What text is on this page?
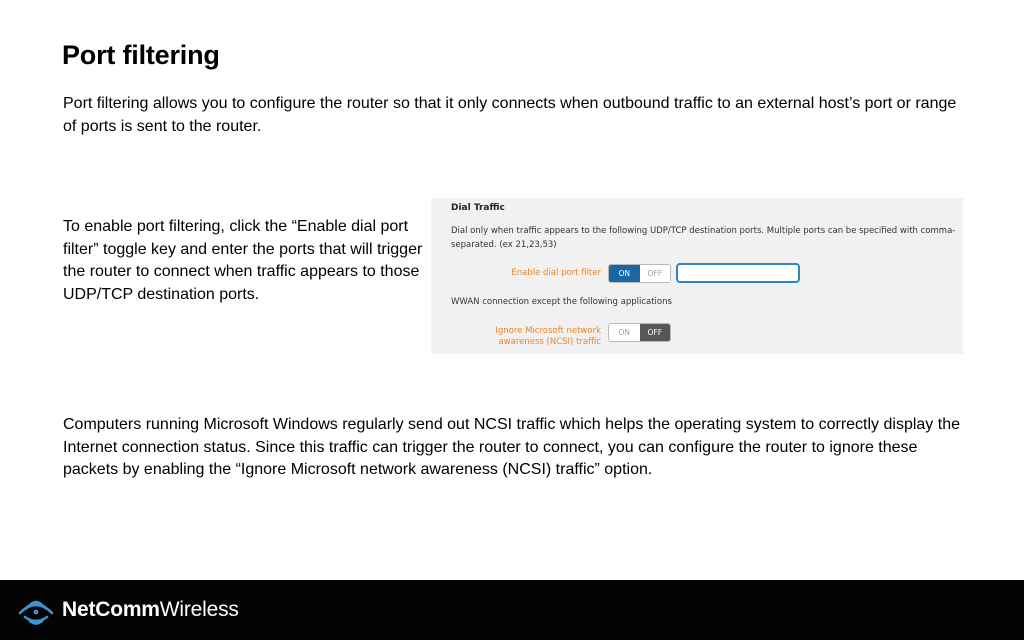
Port filtering

Port filtering allows you to configure the router so that it only connects when outbound traffic to an external host’s port or range of ports is sent to the router.

To enable port filtering, click the “Enable dial port filter” toggle key and enter the ports that will trigger the router to connect when traffic appears to those UDP/TCP destination ports.

Dial Traffic
Dial only when traffic appears to the following UDP/TCP destination ports. Multiple ports can be specified with comma-separated. (ex 21,23,53)
Enable dial port filter	ON	OFF
WWAN connection except the following applications
Ignore Microsoft network
awareness (NCSI) traffic
ON	OFF

Computers running Microsoft Windows regularly send out NCSI traffic which helps the operating system to correctly display the Internet connection status. Since this traffic can trigger the router to connect, you can configure the router to ignore these packets by enabling the “Ignore Microsoft network awareness (NCSI) traffic” option.

NetCommWireless
